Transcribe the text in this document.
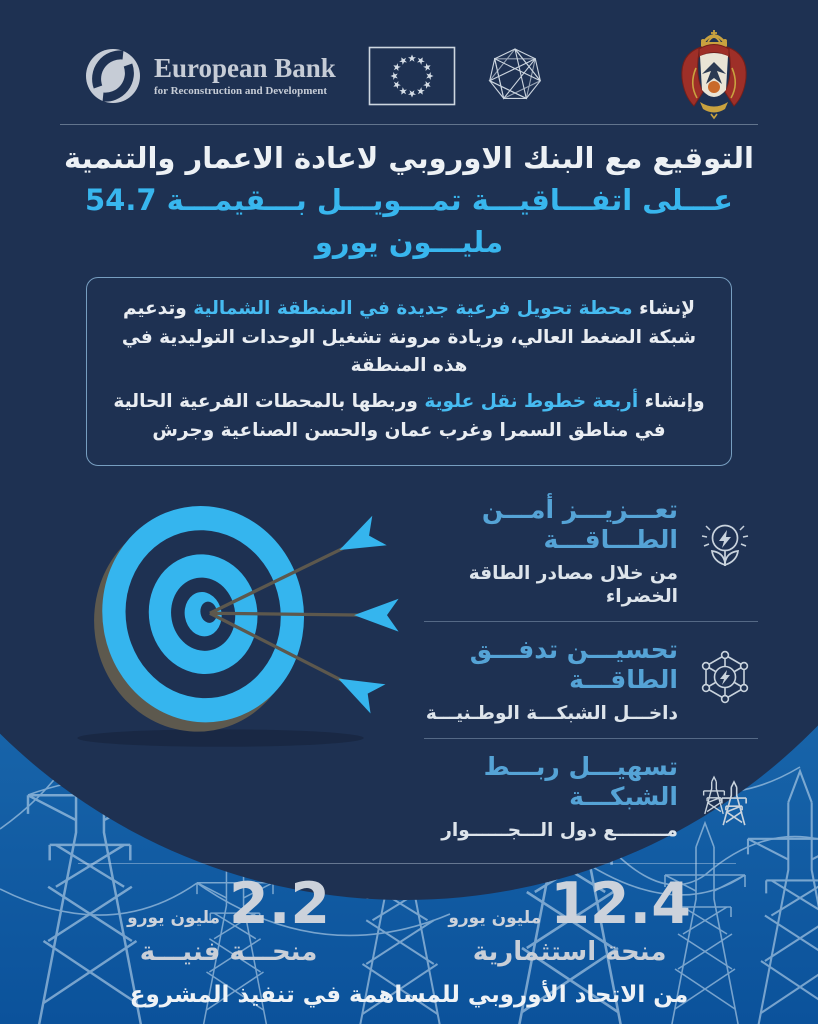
European Bank
for Reconstruction and Development
التوقيع مع البنك الاوروبي لاعادة الاعمار والتنمية
عـــلى اتفـــاقيـــة تمـــويـــل بـــقيمـــة 54.7 مليـــون يورو

لإنشاء محطة تحويل فرعية جديدة في المنطقة الشمالية وتدعيم شبكة الضغط العالي، وزيادة مرونة تشغيل الوحدات التوليدية في هذه المنطقة

وإنشاء أربعة خطوط نقل علوية وربطها بالمحطات الفرعية الحالية في مناطق السمرا وغرب عمان والحسن الصناعية وجرش

تعـــزيـــز أمـــن الطـــاقـــة
من خلال مصادر الطاقة الخضراء
تحسيـــن تدفـــق الطاقـــة
داخـــل الشبكـــة الوطـنيـــة
تسهيـــل ربـــط الشبكـــة
مــــــــع دول الـــجــــــوار
12.4
مليون يورو
منحة استثمارية
2.2
مليون يورو
منحـــة فنيـــة
من الاتحاد الأوروبي للمساهمة في تنفيذ المشروع
